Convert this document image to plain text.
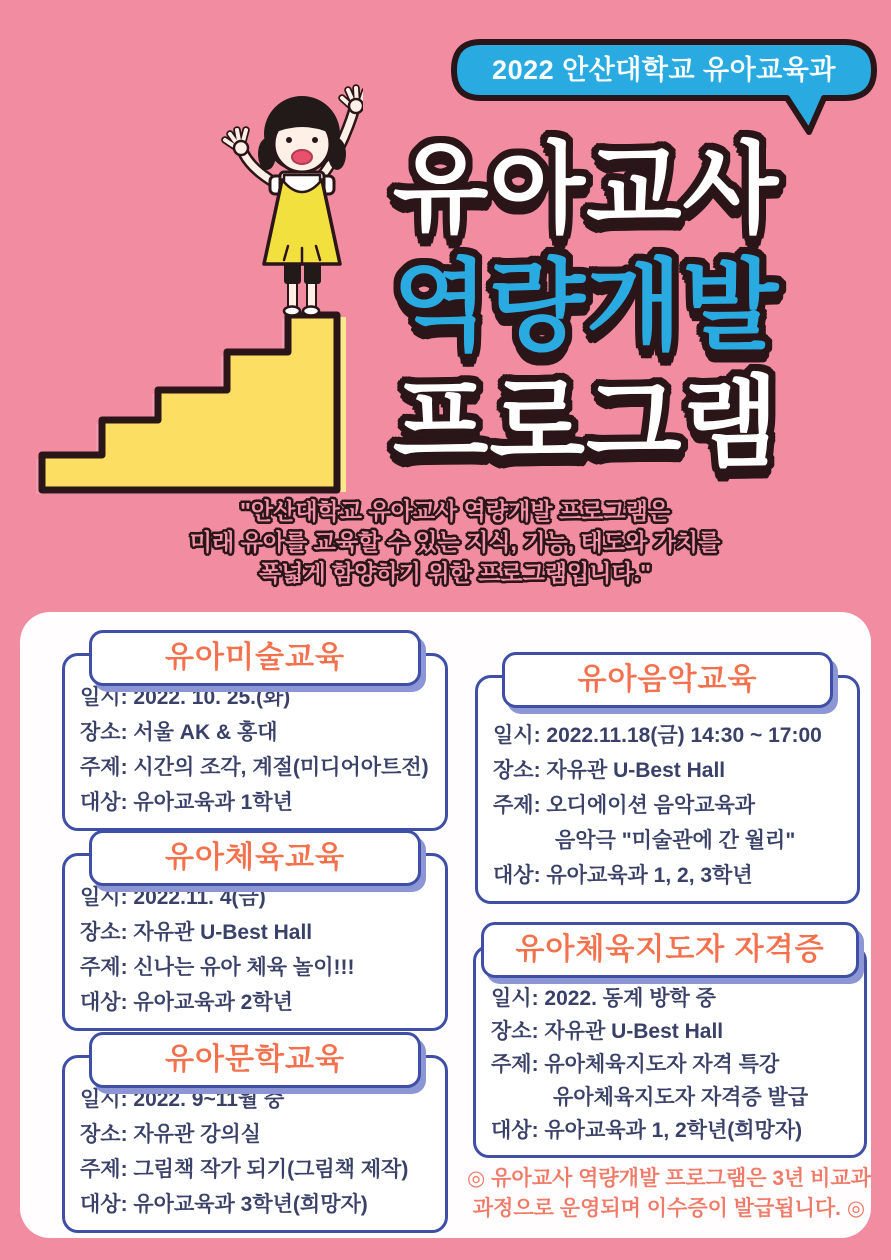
2022 안산대학교 유아교육과
유아교사
역량개발
프로그램
"안산대학교 유아교사 역량개발 프로그램은
미래 유아를 교육할 수 있는 지식, 기능, 태도와 가치를
폭넓게 함양하기 위한 프로그램입니다."
유아미술교육
일시: 2022. 10. 25.(화)
장소: 서울 AK & 홍대
주제: 시간의 조각, 계절(미디어아트전)
대상: 유아교육과 1학년
유아체육교육
일시: 2022.11. 4(금)
장소: 자유관 U-Best Hall
주제: 신나는 유아 체육 놀이!!!
대상: 유아교육과 2학년
유아문학교육
일시: 2022. 9~11월 중
장소: 자유관 강의실
주제: 그림책 작가 되기(그림책 제작)
대상: 유아교육과 3학년(희망자)
유아음악교육
일시: 2022.11.18(금) 14:30 ~ 17:00
장소: 자유관 U-Best Hall
주제: 오디에이션 음악교육과
음악극 "미술관에 간 월리"
대상: 유아교육과 1, 2, 3학년
유아체육지도자 자격증
일시: 2022. 동계 방학 중
장소: 자유관 U-Best Hall
주제: 유아체육지도자 자격 특강
유아체육지도자 자격증 발급
대상: 유아교육과 1, 2학년(희망자)
◎ 유아교사 역량개발 프로그램은 3년 비교과
과정으로 운영되며 이수증이 발급됩니다. ◎
